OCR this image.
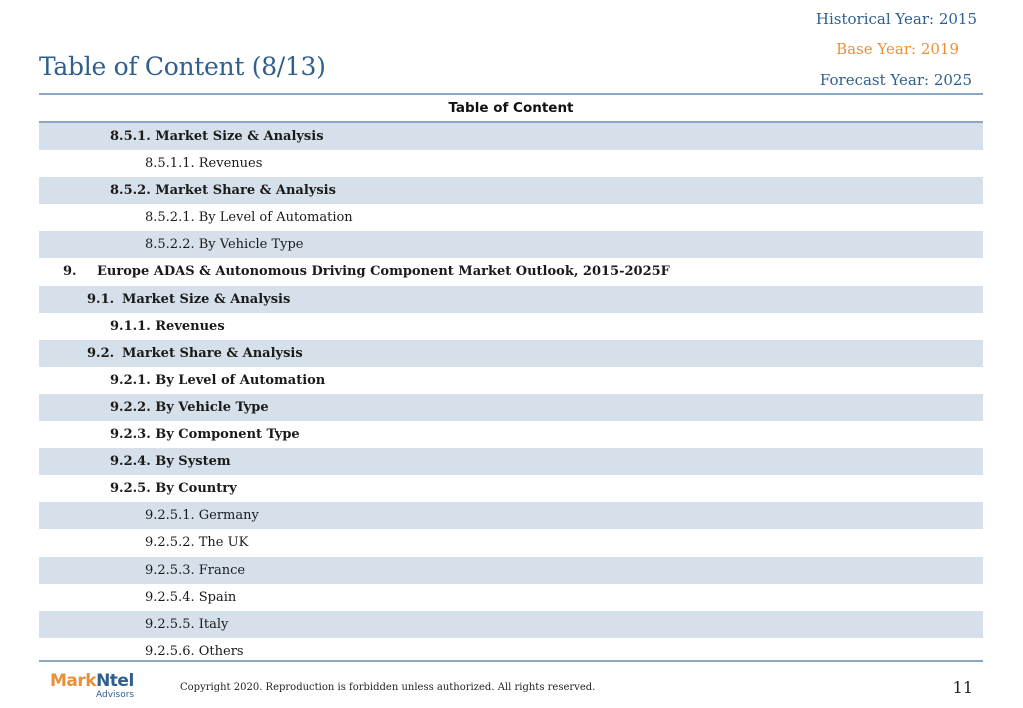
Table of Content (8/13)
Historical Year: 2015
Base Year: 2019
Forecast Year: 2025
Table of Content
8.5.1. Market Size & Analysis
8.5.1.1. Revenues
8.5.2. Market Share & Analysis
8.5.2.1. By Level of Automation
8.5.2.2. By Vehicle Type
9. Europe ADAS & Autonomous Driving Component Market Outlook, 2015-2025F
9.1. Market Size & Analysis
9.1.1. Revenues
9.2. Market Share & Analysis
9.2.1. By Level of Automation
9.2.2. By Vehicle Type
9.2.3. By Component Type
9.2.4. By System
9.2.5. By Country
9.2.5.1. Germany
9.2.5.2. The UK
9.2.5.3. France
9.2.5.4. Spain
9.2.5.5. Italy
9.2.5.6. Others
MarkNtel
Advisors
Copyright 2020. Reproduction is forbidden unless authorized. All rights reserved.	11
